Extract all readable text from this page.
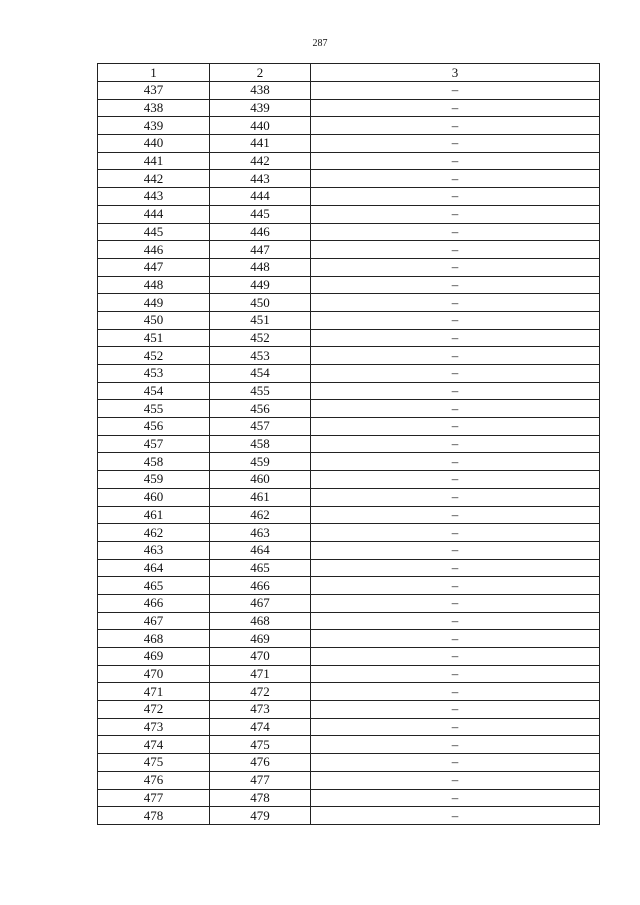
287
1	2	3
437	438	–
438	439	–
439	440	–
440	441	–
441	442	–
442	443	–
443	444	–
444	445	–
445	446	–
446	447	–
447	448	–
448	449	–
449	450	–
450	451	–
451	452	–
452	453	–
453	454	–
454	455	–
455	456	–
456	457	–
457	458	–
458	459	–
459	460	–
460	461	–
461	462	–
462	463	–
463	464	–
464	465	–
465	466	–
466	467	–
467	468	–
468	469	–
469	470	–
470	471	–
471	472	–
472	473	–
473	474	–
474	475	–
475	476	–
476	477	–
477	478	–
478	479	–
